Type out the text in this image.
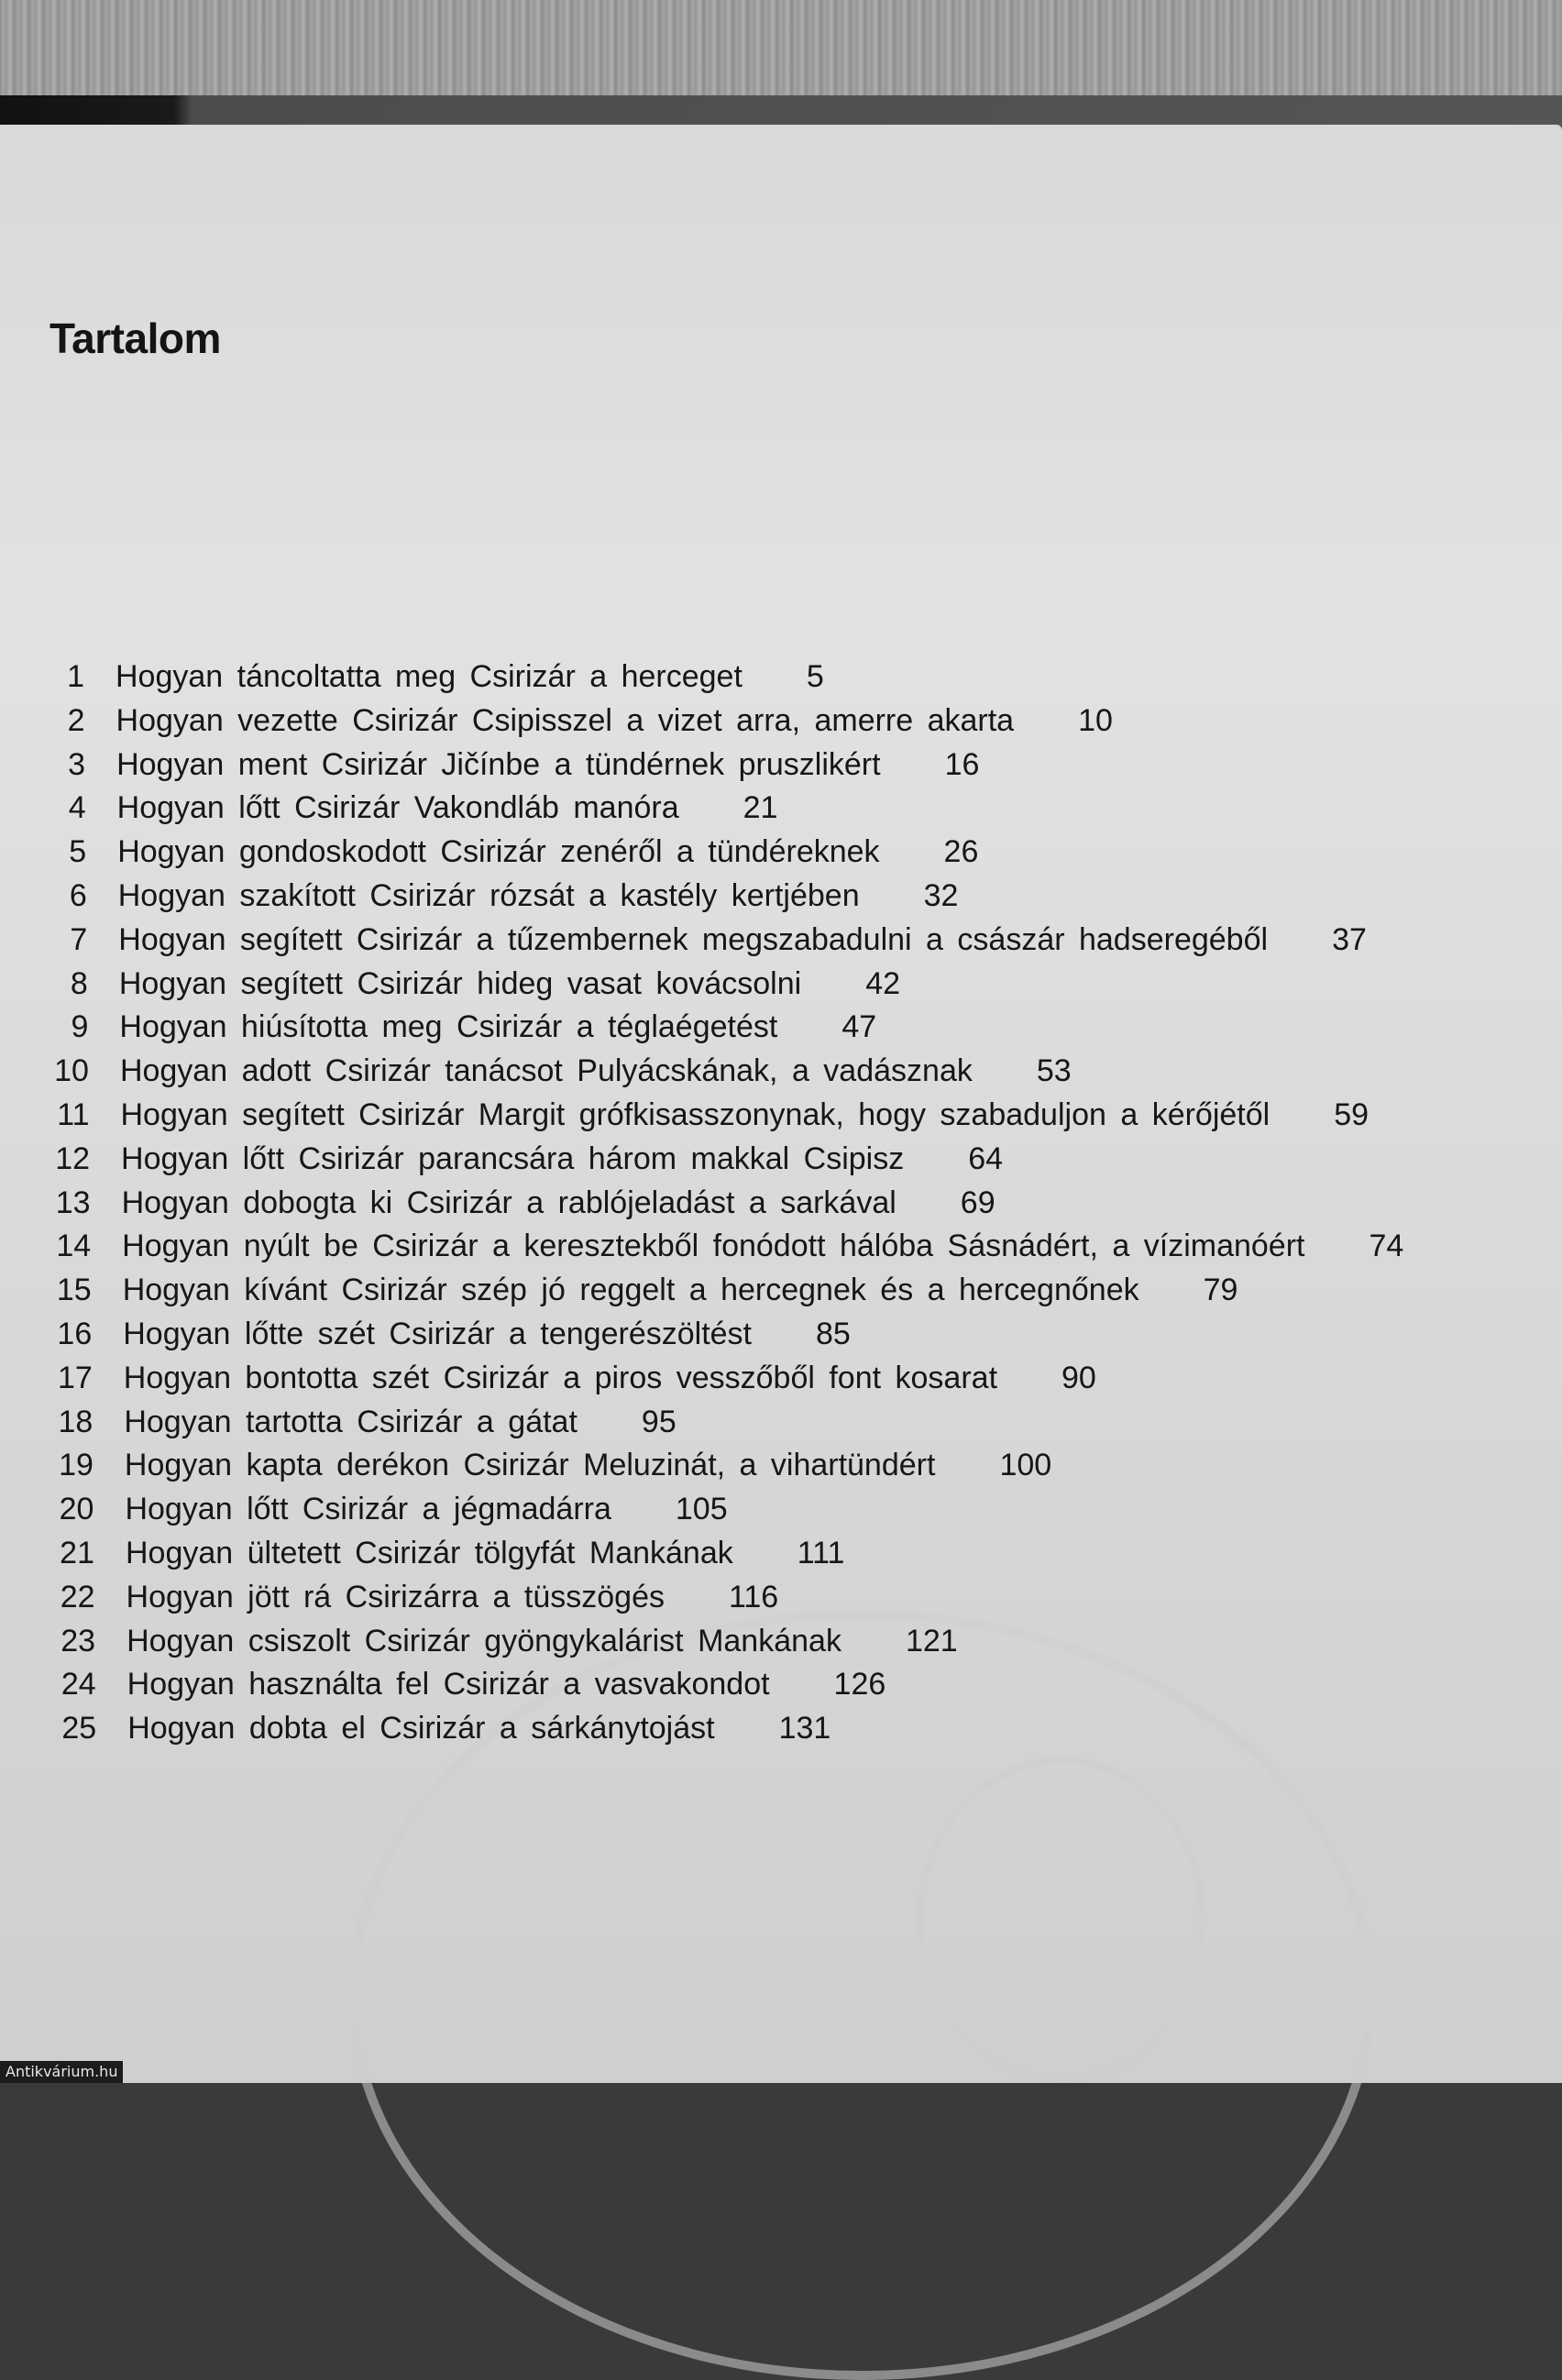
Tartalom
1 Hogyan táncoltatta meg Csirizár a herceget 5
2 Hogyan vezette Csirizár Csipisszel a vizet arra, amerre akarta 10
3 Hogyan ment Csirizár Jičínbe a tündérnek pruszlikért 16
4 Hogyan lőtt Csirizár Vakondláb manóra 21
5 Hogyan gondoskodott Csirizár zenéről a tündéreknek 26
6 Hogyan szakított Csirizár rózsát a kastély kertjében 32
7 Hogyan segített Csirizár a tűzembernek megszabadulni a császár hadseregéből 37
8 Hogyan segített Csirizár hideg vasat kovácsolni 42
9 Hogyan hiúsította meg Csirizár a téglaégetést 47
10 Hogyan adott Csirizár tanácsot Pulyácskának, a vadásznak 53
11 Hogyan segített Csirizár Margit grófkisasszonynak, hogy szabaduljon a kérőjétől 59
12 Hogyan lőtt Csirizár parancsára három makkal Csipisz 64
13 Hogyan dobogta ki Csirizár a rablójeladást a sarkával 69
14 Hogyan nyúlt be Csirizár a keresztekből fonódott hálóba Sásnádért, a vízimanóért 74
15 Hogyan kívánt Csirizár szép jó reggelt a hercegnek és a hercegnőnek 79
16 Hogyan lőtte szét Csirizár a tengerészöltést 85
17 Hogyan bontotta szét Csirizár a piros vesszőből font kosarat 90
18 Hogyan tartotta Csirizár a gátat 95
19 Hogyan kapta derékon Csirizár Meluzinát, a vihartündért 100
20 Hogyan lőtt Csirizár a jégmadárra 105
21 Hogyan ültetett Csirizár tölgyfát Mankának 111
22 Hogyan jött rá Csirizárra a tüsszögés 116
23 Hogyan csiszolt Csirizár gyöngykalárist Mankának 121
24 Hogyan használta fel Csirizár a vasvakondot 126
25 Hogyan dobta el Csirizár a sárkánytojást 131
Antikvárium.hu
